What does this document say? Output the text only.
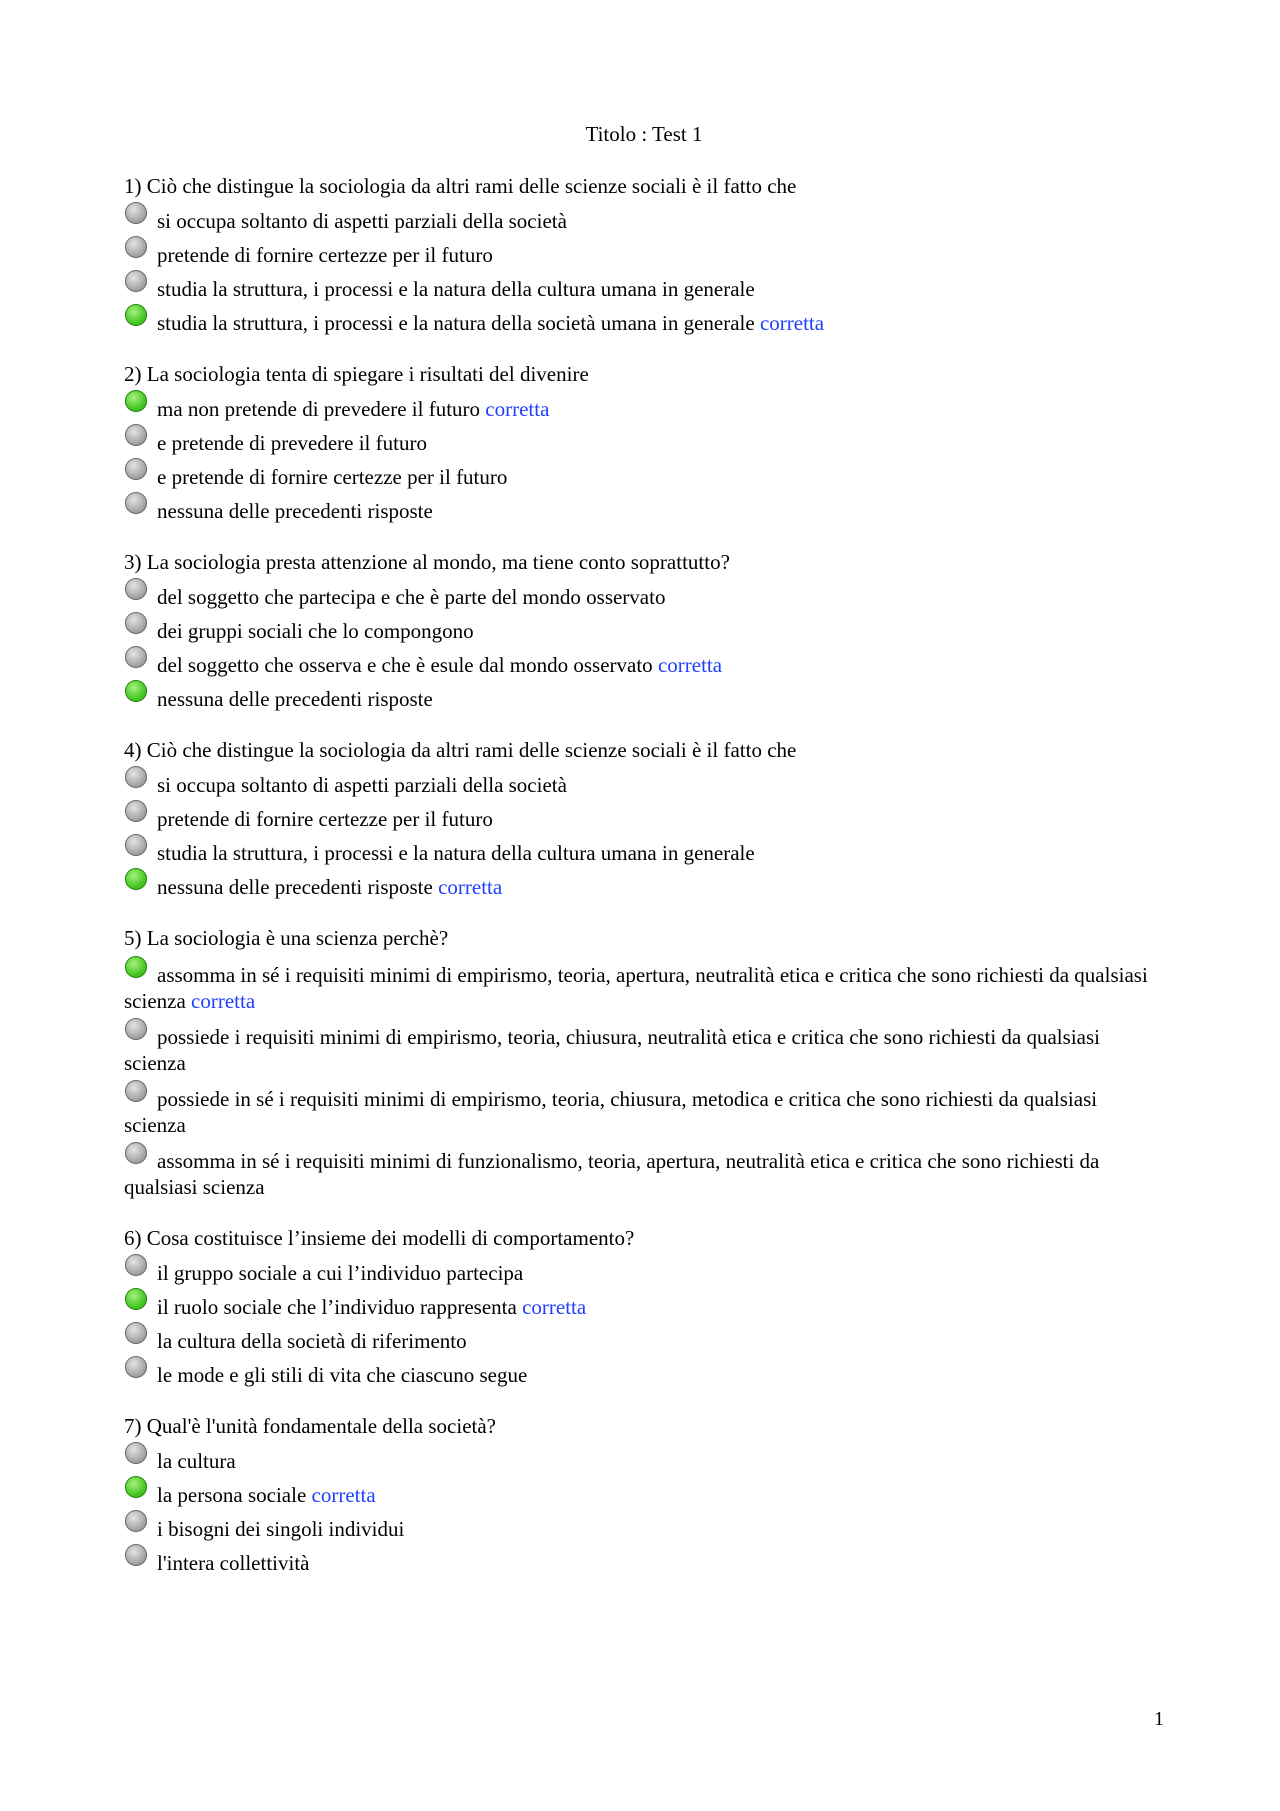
Titolo : Test 1
1) Ciò che distingue la sociologia da altri rami delle scienze sociali è il fatto che
si occupa soltanto di aspetti parziali della società
pretende di fornire certezze per il futuro
studia la struttura, i processi e la natura della cultura umana in generale
studia la struttura, i processi e la natura della società umana in generale corretta
2) La sociologia tenta di spiegare i risultati del divenire
ma non pretende di prevedere il futuro corretta
e pretende di prevedere il futuro
e pretende di fornire certezze per il futuro
nessuna delle precedenti risposte
3) La sociologia presta attenzione al mondo, ma tiene conto soprattutto?
del soggetto che partecipa e che è parte del mondo osservato
dei gruppi sociali che lo compongono
del soggetto che osserva e che è esule dal mondo osservato corretta
nessuna delle precedenti risposte
4) Ciò che distingue la sociologia da altri rami delle scienze sociali è il fatto che
si occupa soltanto di aspetti parziali della società
pretende di fornire certezze per il futuro
studia la struttura, i processi e la natura della cultura umana in generale
nessuna delle precedenti risposte corretta
5) La sociologia è una scienza perchè?
assomma in sé i requisiti minimi di empirismo, teoria, apertura, neutralità etica e critica che sono richiesti da qualsiasi scienza corretta
possiede i requisiti minimi di empirismo, teoria, chiusura, neutralità etica e critica che sono richiesti da qualsiasi scienza
possiede in sé i requisiti minimi di empirismo, teoria, chiusura, metodica e critica che sono richiesti da qualsiasi scienza
assomma in sé i requisiti minimi di funzionalismo, teoria, apertura, neutralità etica e critica che sono richiesti da qualsiasi scienza
6) Cosa costituisce l’insieme dei modelli di comportamento?
il gruppo sociale a cui l’individuo partecipa
il ruolo sociale che l’individuo rappresenta corretta
la cultura della società di riferimento
le mode e gli stili di vita che ciascuno segue
7) Qual'è l'unità fondamentale della società?
la cultura
la persona sociale corretta
i bisogni dei singoli individui
l'intera collettività
1
